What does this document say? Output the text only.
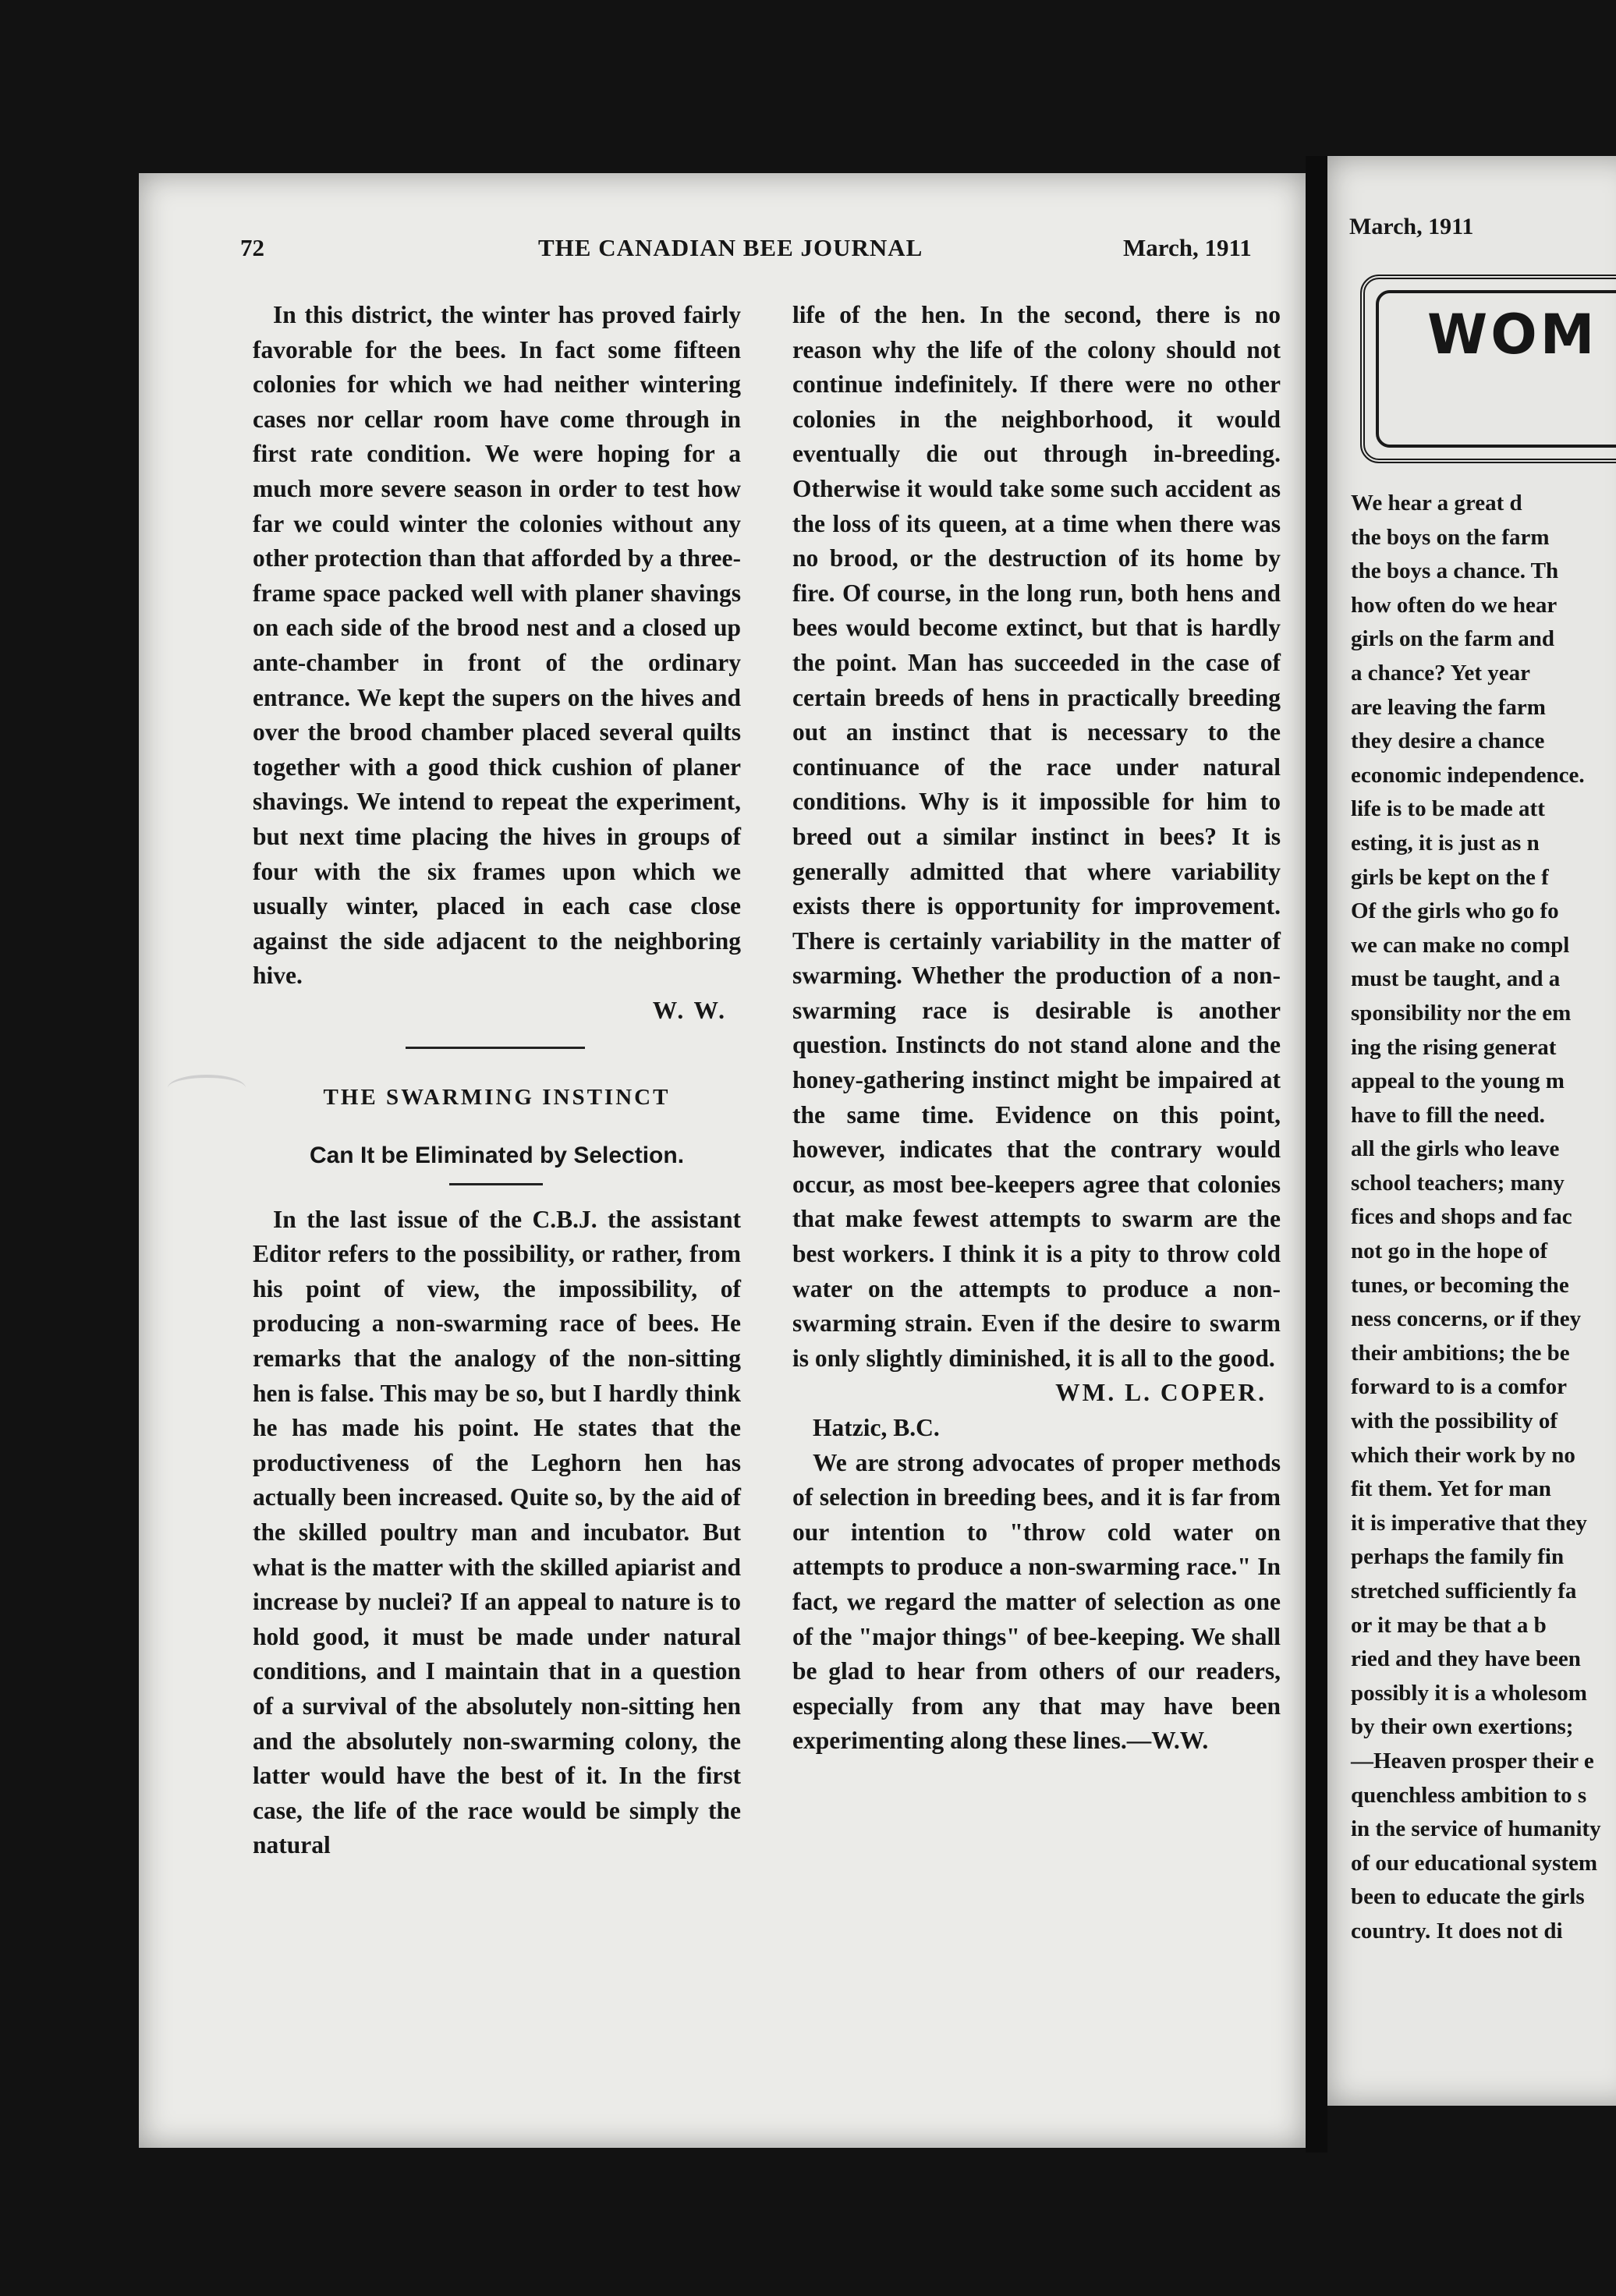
72	THE CANADIAN BEE JOURNAL	March, 1911

In this district, the winter has proved fairly favorable for the bees. In fact some fifteen colonies for which we had neither wintering cases nor cellar room have come through in first rate condition. We were hoping for a much more severe season in order to test how far we could winter the colonies without any other protection than that afforded by a three-frame space packed well with planer shavings on each side of the brood nest and a closed up ante-chamber in front of the ordinary entrance. We kept the supers on the hives and over the brood chamber placed several quilts together with a good thick cushion of planer shavings. We intend to repeat the experiment, but next time placing the hives in groups of four with the six frames upon which we usually winter, placed in each case close against the side adjacent to the neighboring hive.

W. W.

THE SWARMING INSTINCT
Can It be Eliminated by Selection.

In the last issue of the C.B.J. the assistant Editor refers to the possibility, or rather, from his point of view, the impossibility, of producing a non-swarming race of bees. He remarks that the analogy of the non-sitting hen is false. This may be so, but I hardly think he has made his point. He states that the productiveness of the Leghorn hen has actually been increased. Quite so, by the aid of the skilled poultry man and incubator. But what is the matter with the skilled apiarist and increase by nuclei? If an appeal to nature is to hold good, it must be made under natural conditions, and I maintain that in a question of a survival of the absolutely non-sitting hen and the absolutely non-swarming colony, the latter would have the best of it. In the first case, the life of the race would be simply the natural

life of the hen. In the second, there is no reason why the life of the colony should not continue indefinitely. If there were no other colonies in the neighborhood, it would eventually die out through in-breeding. Otherwise it would take some such accident as the loss of its queen, at a time when there was no brood, or the destruction of its home by fire. Of course, in the long run, both hens and bees would become extinct, but that is hardly the point. Man has succeeded in the case of certain breeds of hens in practically breeding out an instinct that is necessary to the continuance of the race under natural conditions. Why is it impossible for him to breed out a similar instinct in bees? It is generally admitted that where variability exists there is opportunity for improvement. There is certainly variability in the matter of swarming. Whether the production of a non-swarming race is desirable is another question. Instincts do not stand alone and the honey-gathering instinct might be impaired at the same time. Evidence on this point, however, indicates that the contrary would occur, as most bee-keepers agree that colonies that make fewest attempts to swarm are the best workers. I think it is a pity to throw cold water on the attempts to produce a non-swarming strain. Even if the desire to swarm is only slightly diminished, it is all to the good.

WM. L. COPER.

Hatzic, B.C.

We are strong advocates of proper methods of selection in breeding bees, and it is far from our intention to "throw cold water on attempts to produce a non-swarming race." In fact, we regard the matter of selection as one of the "major things" of bee-keeping. We shall be glad to hear from others of our readers, especially from any that may have been experimenting along these lines.—W.W.

March, 1911
WOM
We hear a great d
the boys on the farm
the boys a chance. Th
how often do we hear
girls on the farm and
a chance? Yet year
are leaving the farm
they desire a chance
economic independence.
life is to be made att
esting, it is just as n
girls be kept on the f
Of the girls who go fo
we can make no compl
must be taught, and a
sponsibility nor the em
ing the rising generat
appeal to the young m
have to fill the need.
all the girls who leave
school teachers; many
fices and shops and fac
not go in the hope of
tunes, or becoming the
ness concerns, or if they
their ambitions; the be
forward to is a comfor
with the possibility of
which their work by no
fit them. Yet for man
it is imperative that they
perhaps the family fin
stretched sufficiently fa
or it may be that a b
ried and they have been
possibly it is a wholesom
by their own exertions;
—Heaven prosper their e
quenchless ambition to s
in the service of humanity
of our educational system
been to educate the girls
country. It does not di
